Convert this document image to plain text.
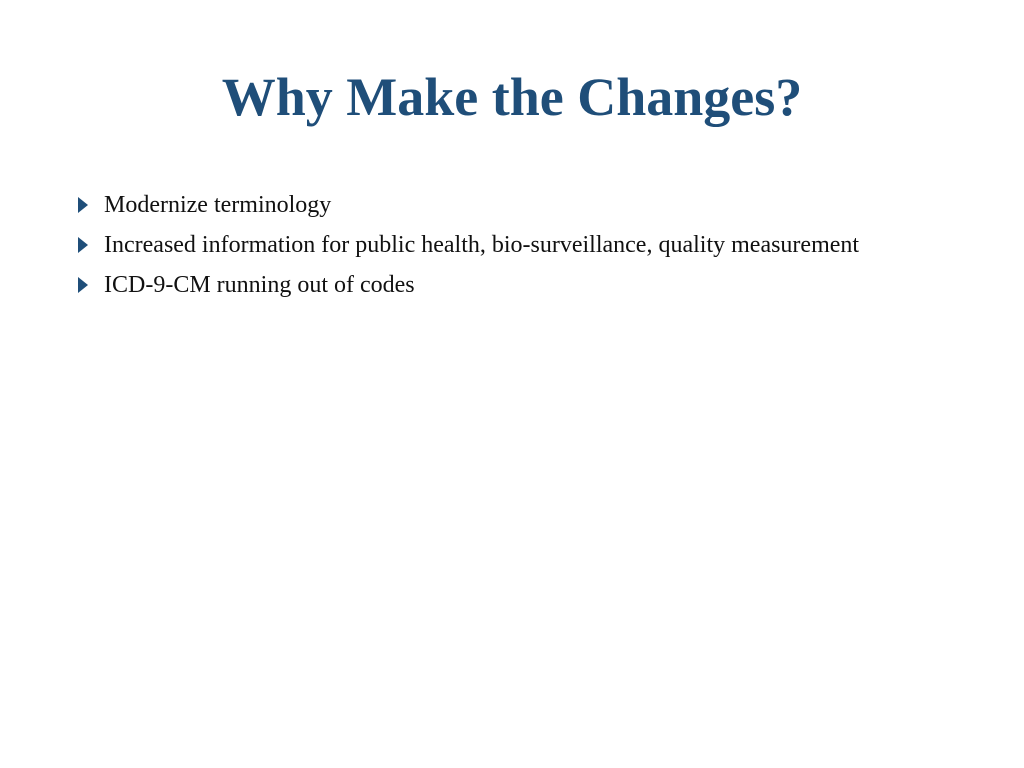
Why Make the Changes?
Modernize terminology
Increased information for public health, bio-surveillance, quality measurement
ICD-9-CM running out of codes
